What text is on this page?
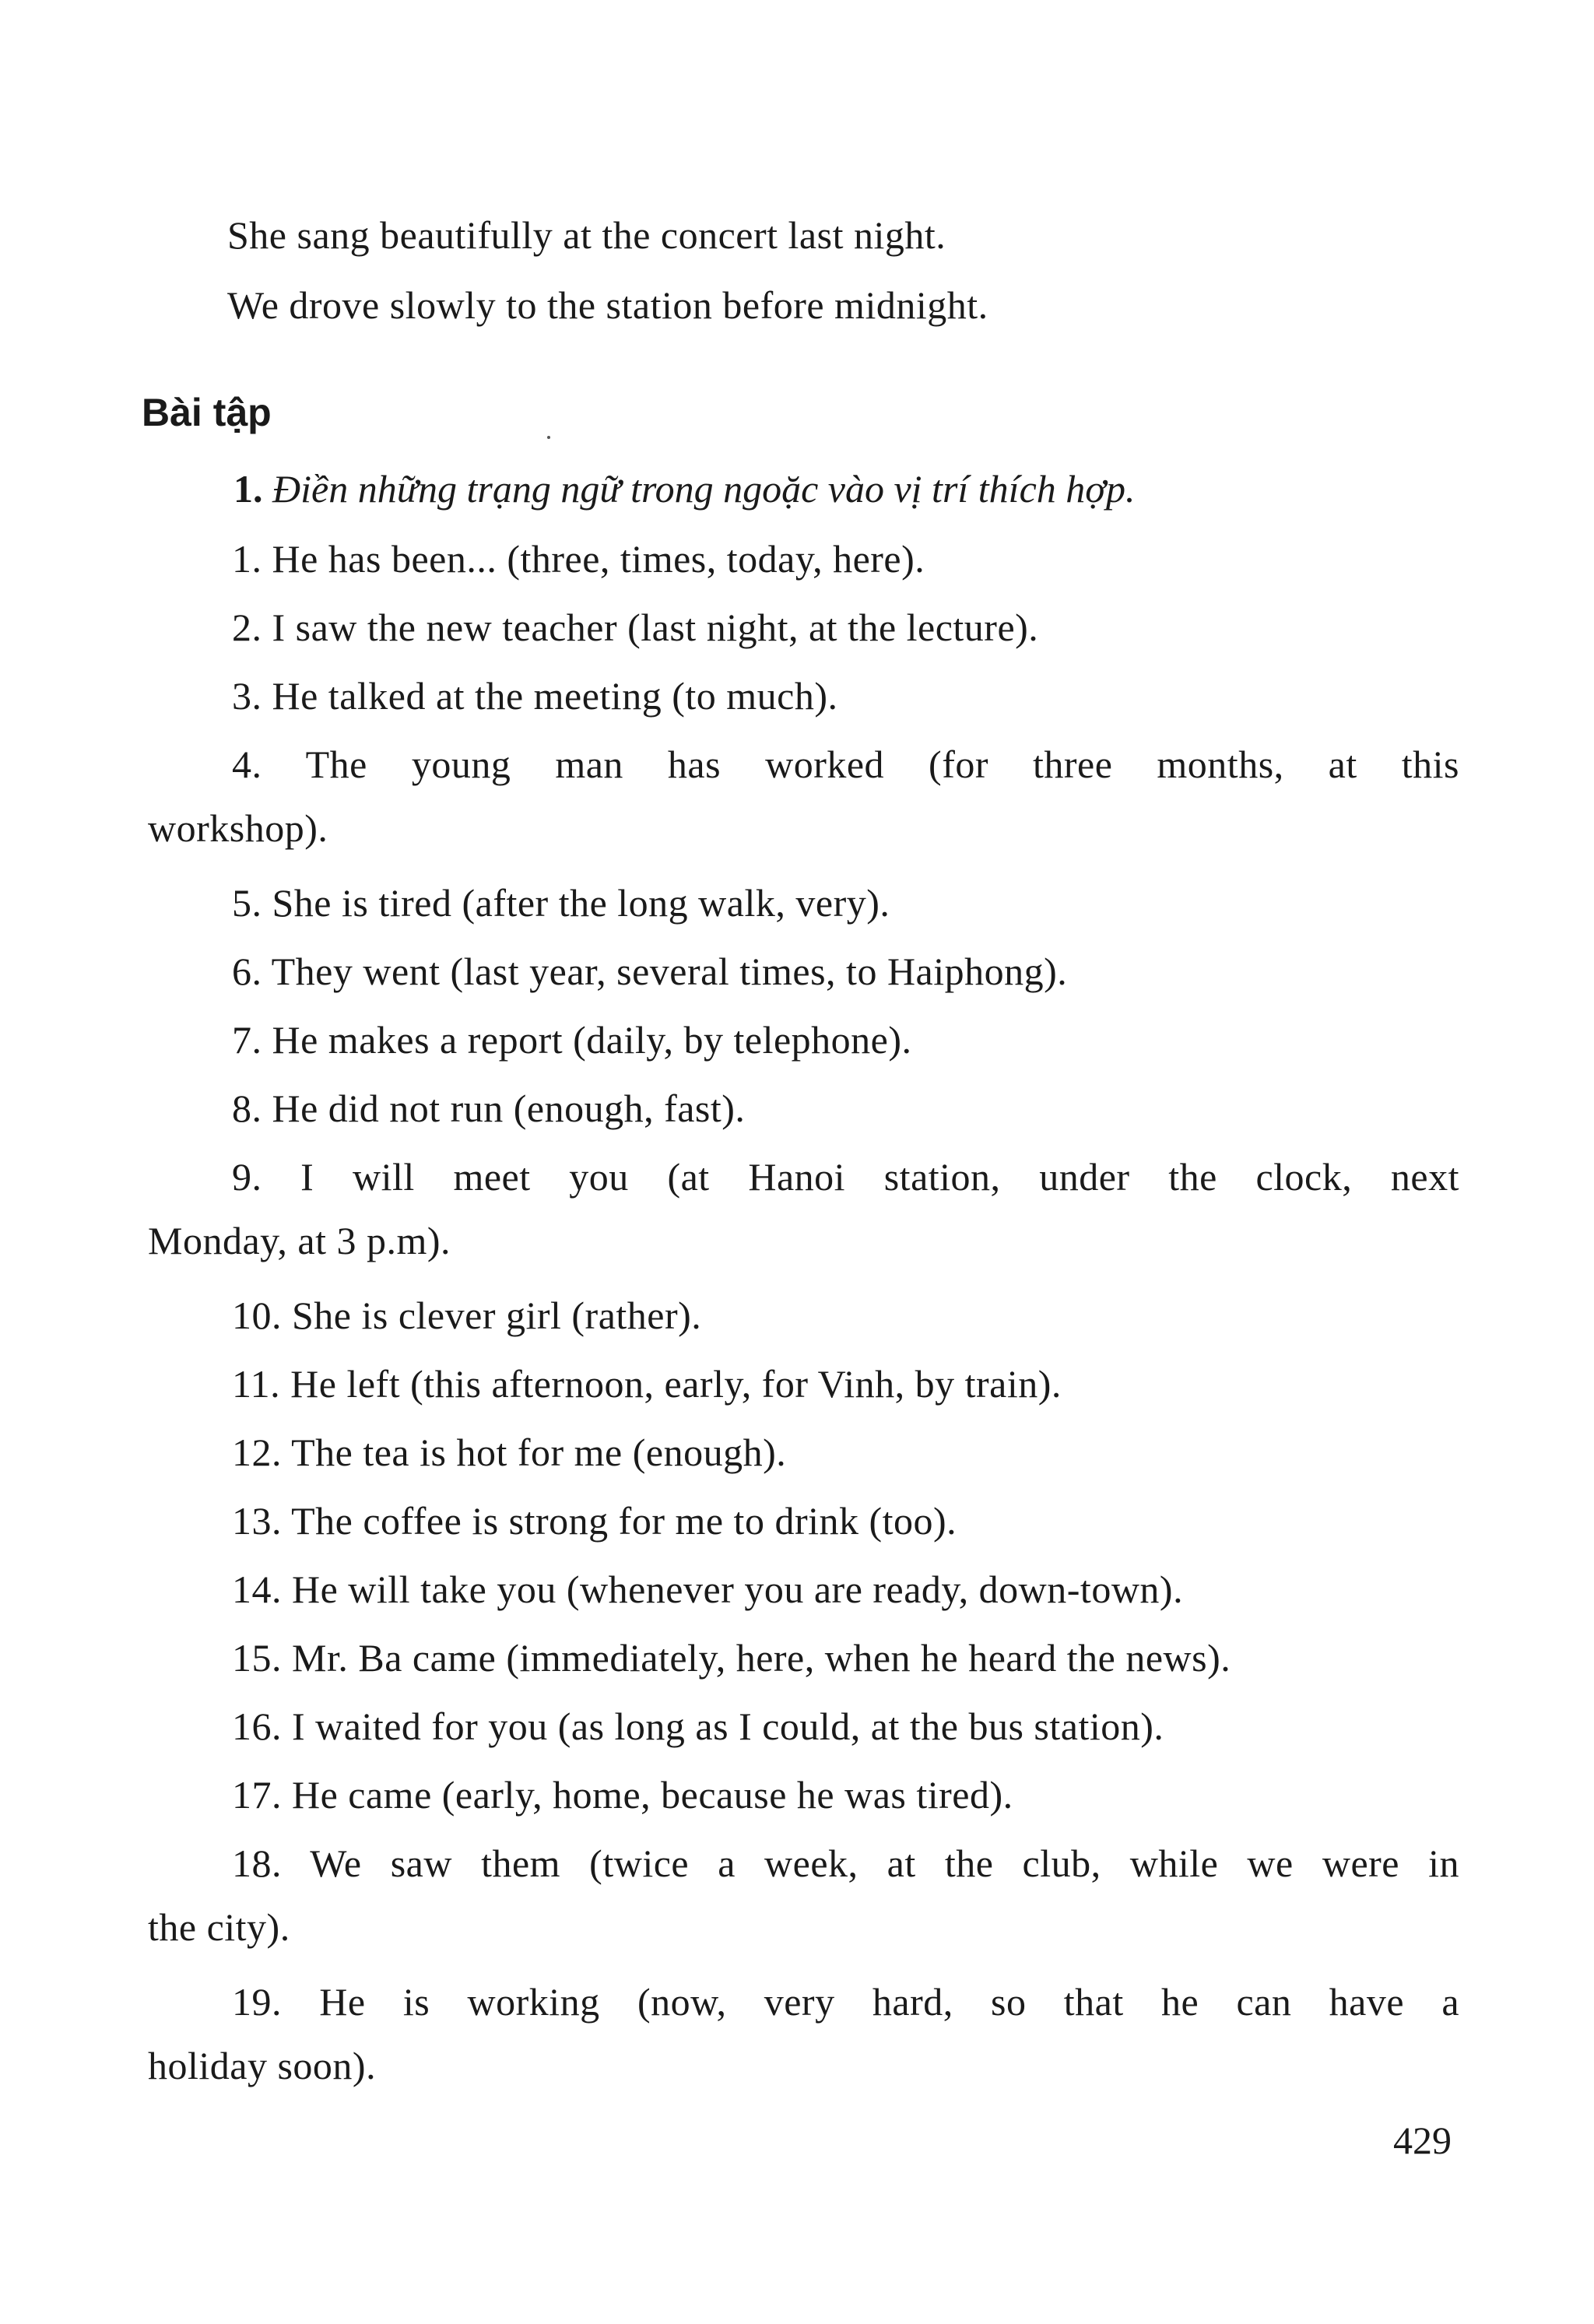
She sang beautifully at the concert last night.
We drove slowly to the station before midnight.
Bài tập
1. Điền những trạng ngữ trong ngoặc vào vị trí thích hợp.
1. He has been... (three, times, today, here).
2. I saw the new teacher (last night, at the lecture).
3. He talked at the meeting (to much).
4. The young man has worked (for three months, at this
workshop).
5. She is tired (after the long walk, very).
6. They went (last year, several times, to Haiphong).
7. He makes a report (daily, by telephone).
8. He did not run (enough, fast).
9. I will meet you (at Hanoi station, under the clock, next
Monday, at 3 p.m).
10. She is clever girl (rather).
11. He left (this afternoon, early, for Vinh, by train).
12. The tea is hot for me (enough).
13. The coffee is strong for me to drink (too).
14. He will take you (whenever you are ready, down-town).
15. Mr. Ba came (immediately, here, when he heard the news).
16. I waited for you (as long as I could, at the bus station).
17. He came (early, home, because he was tired).
18. We saw them (twice a week, at the club, while we were in
the city).
19. He is working (now, very hard, so that he can have a
holiday soon).
429
